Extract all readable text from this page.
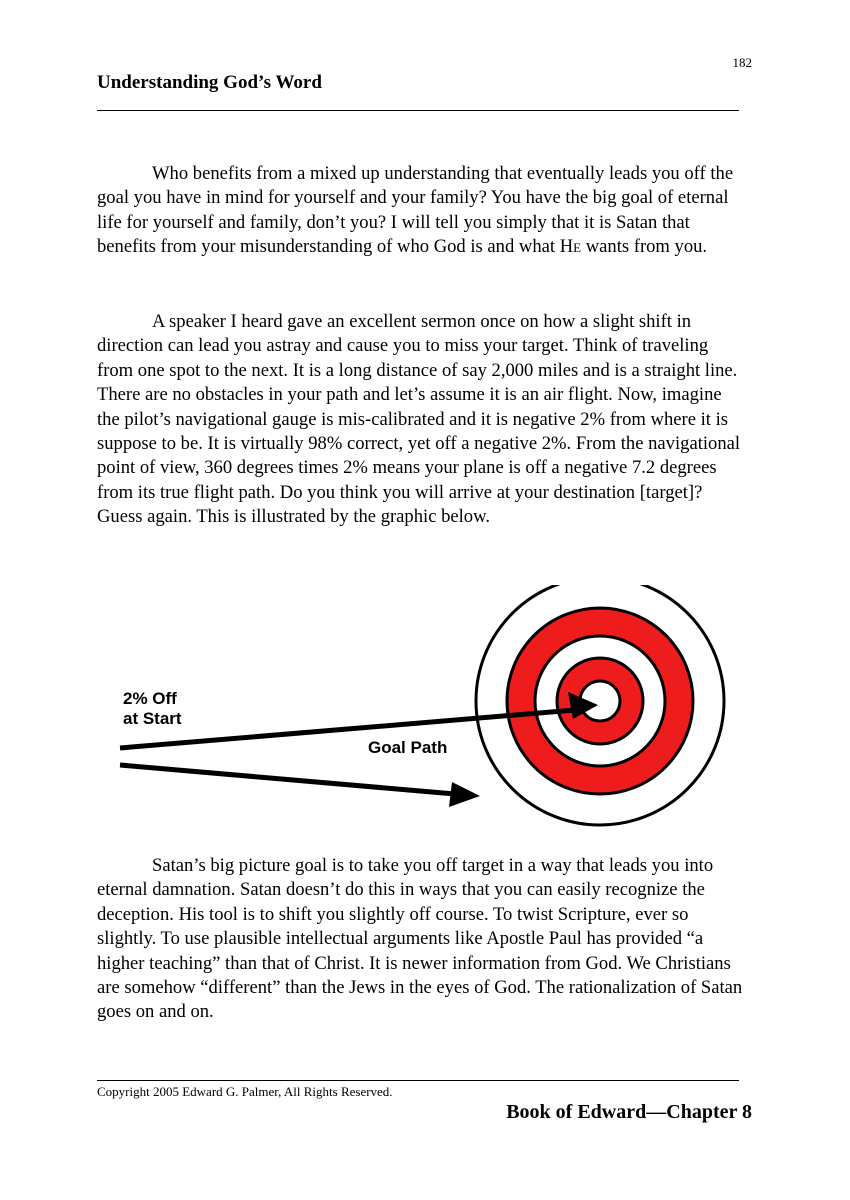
182
Understanding God’s Word

Who benefits from a mixed up understanding that eventually leads you off the goal you have in mind for yourself and your family? You have the big goal of eternal life for yourself and family, don’t you? I will tell you simply that it is Satan that benefits from your misunderstanding of who God is and what He wants from you.

A speaker I heard gave an excellent sermon once on how a slight shift in direction can lead you astray and cause you to miss your target. Think of traveling from one spot to the next. It is a long distance of say 2,000 miles and is a straight line. There are no obstacles in your path and let’s assume it is an air flight. Now, imagine the pilot’s navigational gauge is mis-calibrated and it is negative 2% from where it is suppose to be. It is virtually 98% correct, yet off a negative 2%. From the navigational point of view, 360 degrees times 2% means your plane is off a negative 7.2 degrees from its true flight path. Do you think you will arrive at your destination [target]? Guess again. This is illustrated by the graphic below.

2% Off
at Start
Goal Path

Satan’s big picture goal is to take you off target in a way that leads you into eternal damnation. Satan doesn’t do this in ways that you can easily recognize the deception. His tool is to shift you slightly off course. To twist Scripture, ever so slightly. To use plausible intellectual arguments like Apostle Paul has provided “a higher teaching” than that of Christ. It is newer information from God. We Christians are somehow “different” than the Jews in the eyes of God. The rationalization of Satan goes on and on.

Copyright 2005 Edward G. Palmer, All Rights Reserved.
Book of Edward—Chapter 8
